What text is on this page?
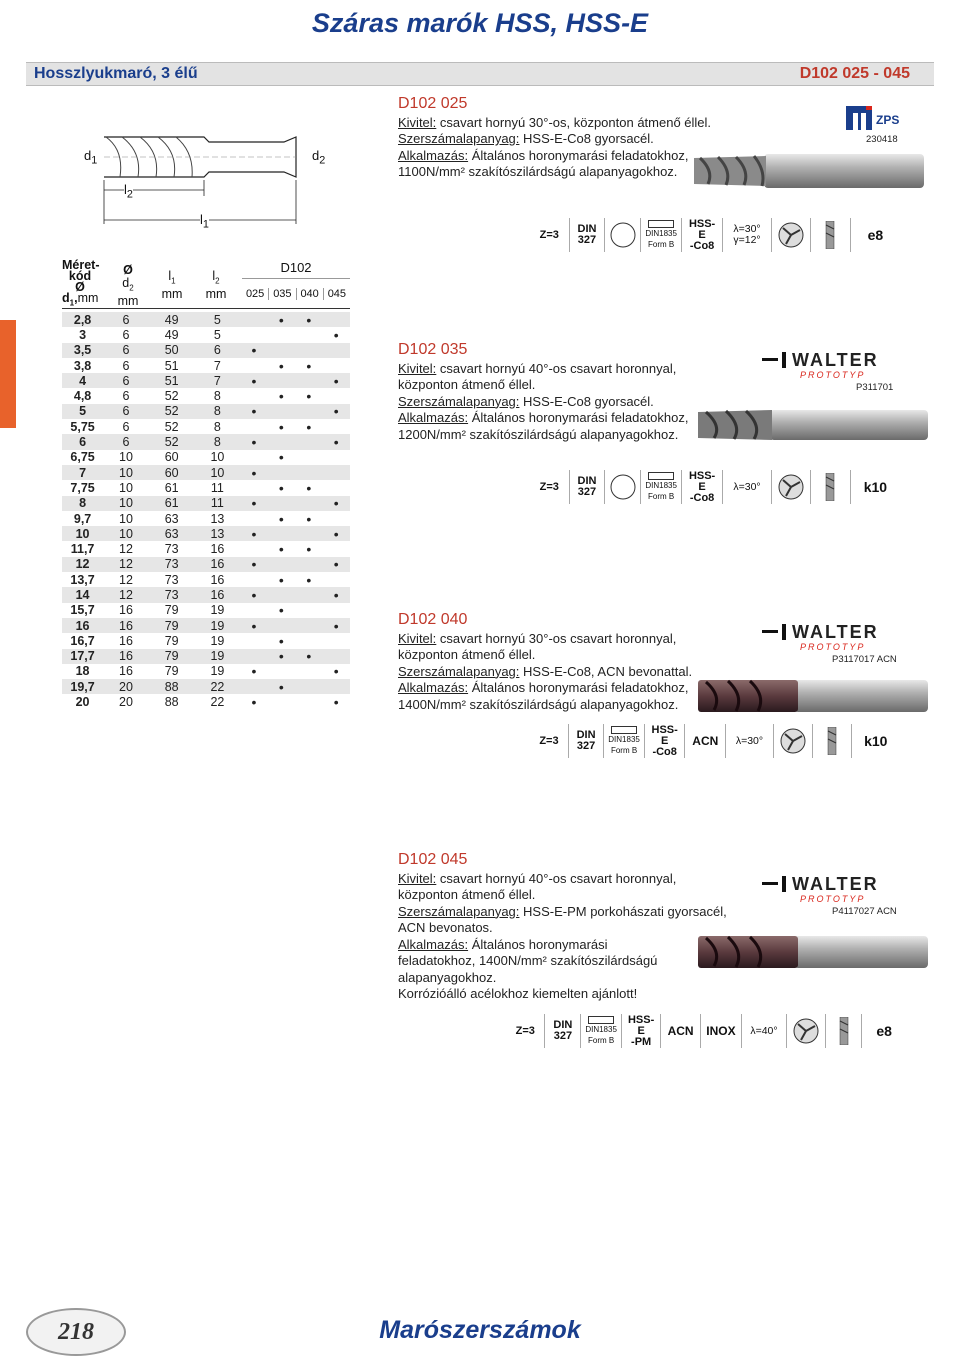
Száras marók HSS, HSS-E
Hosszlyukmaró, 3 élű	D102 025 - 045
$d_1$	$d_2$
$l_2$
$l_1$
Méret-
kód
Ø
$d_1,mm$
Ø
$d_2$
mm
$l_1$
mm
$l_2$
mm
D102
025 035 040 045
2,8	6	49	5		•	•	
3	6	49	5				•
3,5	6	50	6	•			
3,8	6	51	7		•	•	
4	6	51	7	•			•
4,8	6	52	8		•	•	
5	6	52	8	•			•
5,75	6	52	8		•	•	
6	6	52	8	•			•
6,75	10	60	10		•		
7	10	60	10	•			
7,75	10	61	11		•	•	
8	10	61	11	•			•
9,7	10	63	13		•	•	
10	10	63	13	•			•
11,7	12	73	16		•	•	
12	12	73	16	•			•
13,7	12	73	16		•	•	
14	12	73	16	•			•
15,7	16	79	19		•		
16	16	79	19	•			•
16,7	16	79	19		•		
17,7	16	79	19		•	•	
18	16	79	19	•			•
19,7	20	88	22		•		
20	20	88	22	•			•
ZPS
230418
D102 025
Kivitel: csavart hornyú 30°-os, központon átmenő éllel.
Szerszámalapanyag: HSS-E-Co8 gyorsacél.
Alkalmazás: Általános horonymarási feladatokhoz,
1100N/mm² szakítószilárdságú alapanyagokhoz.
Z=3	DIN
327
DIN1835
Form B
HSS-E
-Co8
λ=30°
γ=12°	e8
D102 035
Kivitel: csavart hornyú 40°-os csavart horonnyal,
központon átmenő éllel.
Szerszámalapanyag: HSS-E-Co8 gyorsacél.
Alkalmazás: Általános horonymarási feladatokhoz,
1200N/mm² szakítószilárdságú alapanyagokhoz.
WALTER
PROTOTYP
P311701
Z=3	DIN
327
DIN1835
Form B
HSS-E
-Co8
λ=30°	k10
D102 040
Kivitel: csavart hornyú 30°-os csavart horonnyal,
központon átmenő éllel.
Szerszámalapanyag: HSS-E-Co8, ACN bevonattal.
Alkalmazás: Általános horonymarási feladatokhoz,
1400N/mm² szakítószilárdságú alapanyagokhoz.
WALTER
PROTOTYP
P3117017 ACN
Z=3	DIN
327
DIN1835
Form B
HSS-E
-Co8
ACN	λ=30°	k10
D102 045
Kivitel: csavart hornyú 40°-os csavart horonnyal,
központon átmenő éllel.
Szerszámalapanyag: HSS-E-PM porkohászati gyorsacél,
ACN bevonatos.
Alkalmazás: Általános horonymarási
feladatokhoz, 1400N/mm² szakítószilárdságú
alapanyagokhoz.
Korrózióálló acélokhoz kiemelten ajánlott!
WALTER
PROTOTYP
P4117027 ACN
Z=3	DIN
327
DIN1835
Form B
HSS-E
-PM
ACN	INOX	λ=40°	e8
Marószerszámok
218
